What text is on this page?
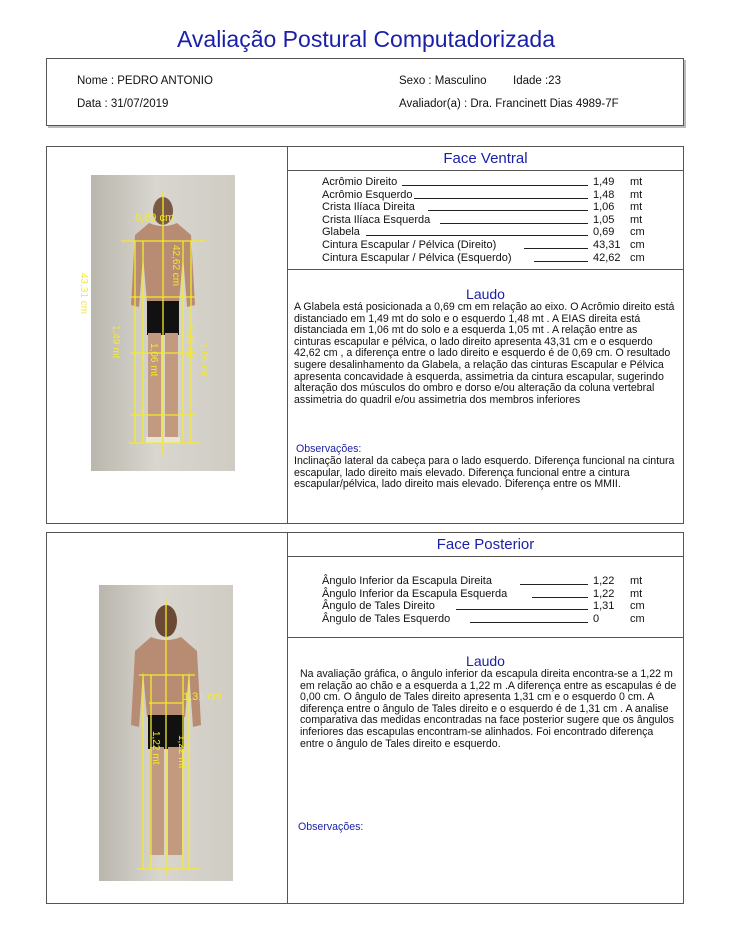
Avaliação Postural Computadorizada
Nome : PEDRO ANTONIO
Data : 31/07/2019
Sexo : Masculino Idade :23
Avaliador(a) : Dra. Francinett Dias 4989-7F
0,69 cm
43,31 cm
42,62 cm
1,49 mt	1,48 mt
1,06 mt	1,05 mt
Face Ventral
Acrômio Direito	1,49 mt
Acrômio Esquerdo	1,48 mt
Crista Ilíaca Direita	1,06 mt
Crista Ilíaca Esquerda	1,05 mt
Glabela	0,69 cm
Cintura Escapular / Pélvica (Direito)	43,31 cm
Cintura Escapular / Pélvica (Esquerdo)	42,62 cm
Laudo
A Glabela está posicionada a 0,69 cm em relação ao eixo. O Acrômio direito está distanciado em 1,49 mt do solo e o esquerdo 1,48 mt . A EIAS direita está distanciada em 1,06 mt do solo e a esquerda 1,05 mt . A relação entre as cinturas escapular e pélvica, o lado direito apresenta 43,31 cm e o esquerdo 42,62 cm , a diferença entre o lado direito e esquerdo é de 0,69 cm. O resultado sugere desalinhamento da Glabela, a relação das cinturas Escapular e Pélvica apresenta concavidade à esquerda, assimetria da cintura escapular, sugerindo alteração dos músculos do ombro e dorso e/ou alteração da coluna vertebral assimetria do quadril e/ou assimetria dos membros inferiores
Observações:
Inclinação lateral da cabeça para o lado esquerdo. Diferença funcional na cintura escapular, lado direito mais elevado. Diferença funcional entre a cintura escapular/pélvica, lado direito mais elevado. Diferença entre os MMII.
1,31 cm
1,22 mt 1,22 mt
Face Posterior
Ângulo Inferior da Escapula Direita	1,22 mt
Ângulo Inferior da Escapula Esquerda	1,22 mt
Ângulo de Tales Direito	1,31 cm
Ângulo de Tales Esquerdo	0	cm
Laudo
Na avaliação gráfica, o ângulo inferior da escapula direita encontra-se a 1,22 m em relação ao chão e a esquerda a 1,22 m .A diferença entre as escapulas é de 0,00 cm. O ângulo de Tales direito apresenta 1,31 cm e o esquerdo 0 cm. A diferença entre o ângulo de Tales direito e o esquerdo é de 1,31 cm . A analise comparativa das medidas encontradas na face posterior sugere que os ângulos inferiores das escapulas encontram-se alinhados. Foi encontrado diferença entre o ângulo de Tales direito e esquerdo.
Observações:
